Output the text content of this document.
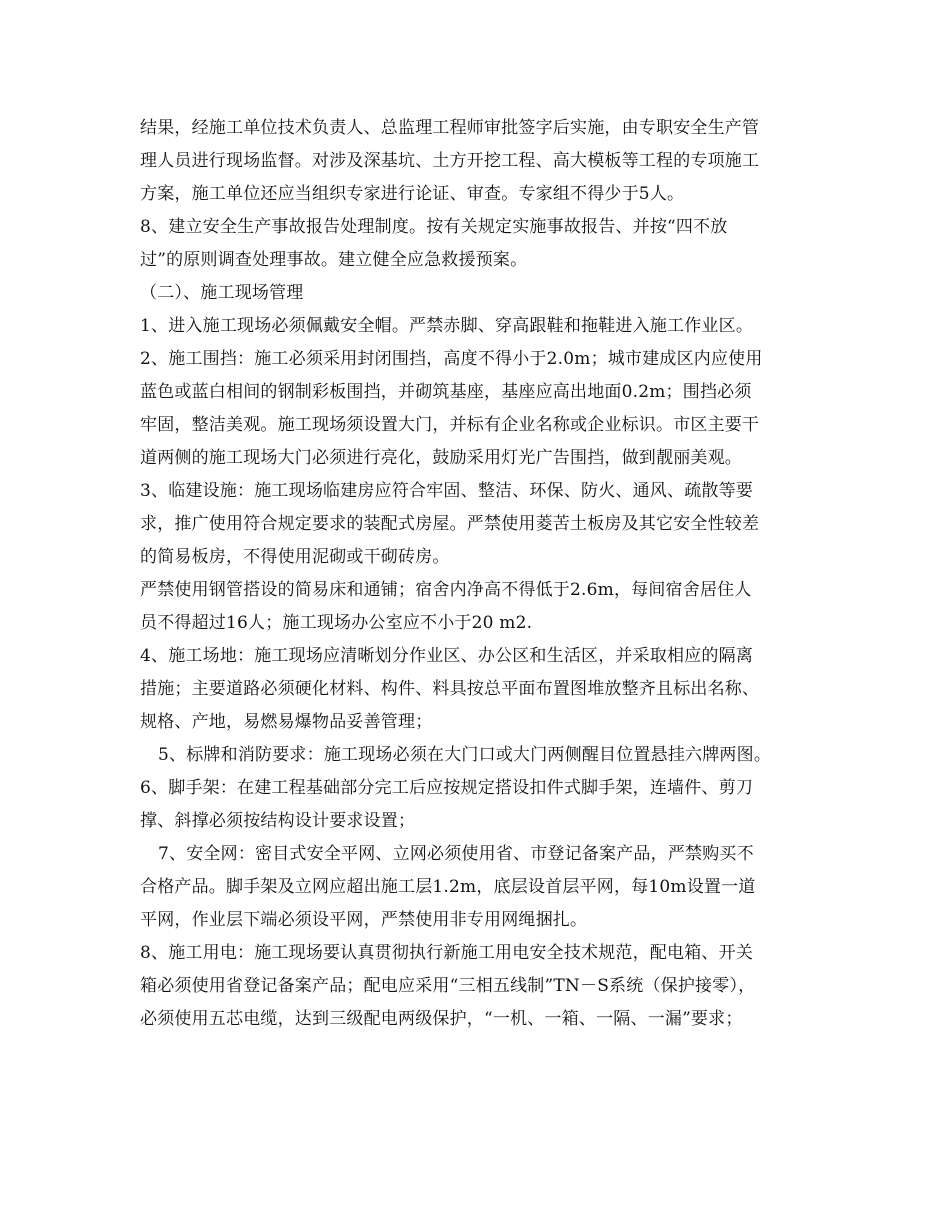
结果，经施工单位技术负责人、总监理工程师审批签字后实施，由专职安全生产管
理人员进行现场监督。对涉及深基坑、土方开挖工程、高大模板等工程的专项施工
方案，施工单位还应当组织专家进行论证、审查。专家组不得少于5人。
8、建立安全生产事故报告处理制度。按有关规定实施事故报告、并按“四不放
过”的原则调查处理事故。建立健全应急救援预案。
（二）、施工现场管理
1、进入施工现场必须佩戴安全帽。严禁赤脚、穿高跟鞋和拖鞋进入施工作业区。
2、施工围挡：施工必须采用封闭围挡，高度不得小于2.0m；城市建成区内应使用
蓝色或蓝白相间的钢制彩板围挡，并砌筑基座，基座应高出地面0.2m；围挡必须
牢固，整洁美观。施工现场须设置大门，并标有企业名称或企业标识。市区主要干
道两侧的施工现场大门必须进行亮化，鼓励采用灯光广告围挡，做到靓丽美观。
3、临建设施：施工现场临建房应符合牢固、整洁、环保、防火、通风、疏散等要
求，推广使用符合规定要求的装配式房屋。严禁使用菱苦土板房及其它安全性较差
的简易板房，不得使用泥砌或干砌砖房。
严禁使用钢管搭设的简易床和通铺；宿舍内净高不得低于2.6m，每间宿舍居住人
员不得超过16人；施工现场办公室应不小于20 m2.
4、施工场地：施工现场应清晰划分作业区、办公区和生活区，并采取相应的隔离
措施；主要道路必须硬化材料、构件、料具按总平面布置图堆放整齐且标出名称、
规格、产地，易燃易爆物品妥善管理；
5、标牌和消防要求：施工现场必须在大门口或大门两侧醒目位置悬挂六牌两图。
6、脚手架：在建工程基础部分完工后应按规定搭设扣件式脚手架，连墙件、剪刀
撑、斜撑必须按结构设计要求设置；
7、安全网：密目式安全平网、立网必须使用省、市登记备案产品，严禁购买不
合格产品。脚手架及立网应超出施工层1.2m，底层设首层平网，每10m设置一道
平网，作业层下端必须设平网，严禁使用非专用网绳捆扎。
8、施工用电：施工现场要认真贯彻执行新施工用电安全技术规范，配电箱、开关
箱必须使用省登记备案产品；配电应采用“三相五线制”TN－S系统（保护接零），
必须使用五芯电缆，达到三级配电两级保护，“一机、一箱、一隔、一漏”要求；
